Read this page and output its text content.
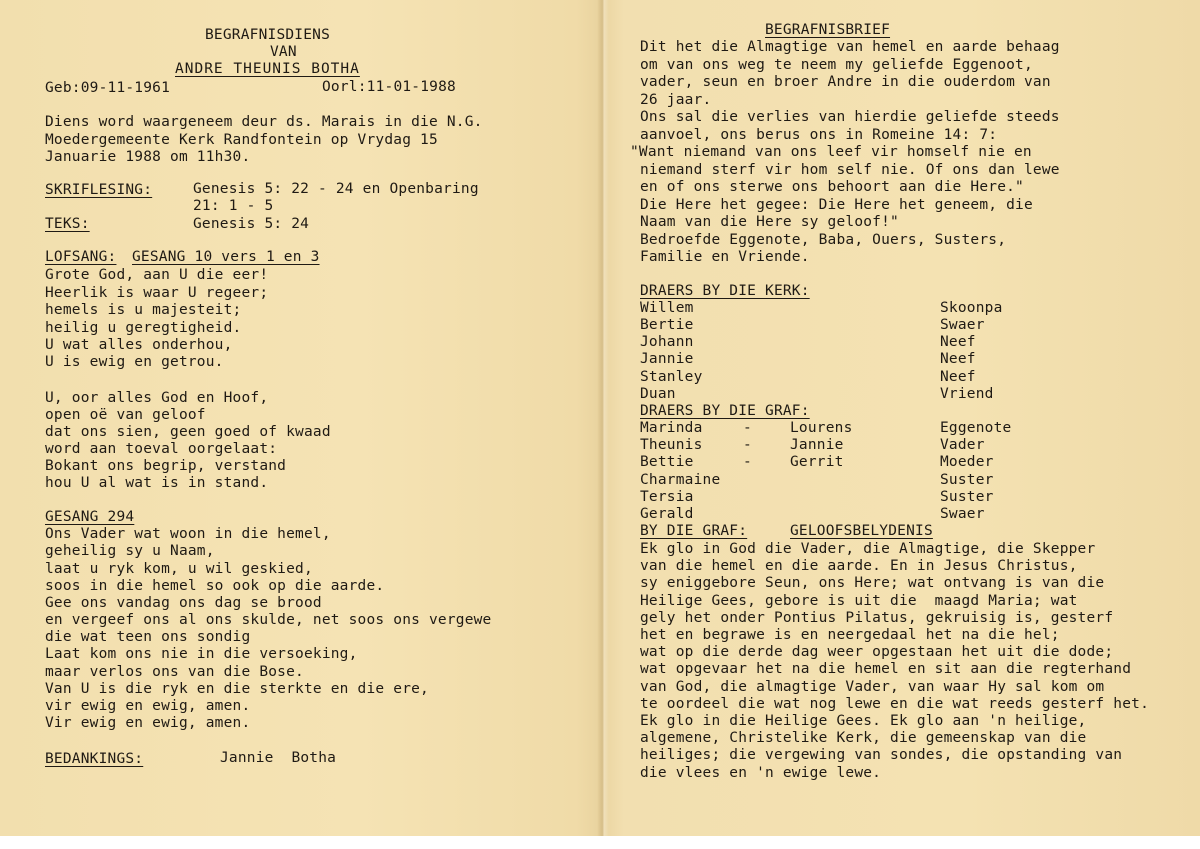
BEGRAFNISDIENS
VAN
ANDRE THEUNIS BOTHA
Geb:09-11-1961	Oorl:11-01-1988
Diens word waargeneem deur ds. Marais in die N.G.
Moedergemeente Kerk Randfontein op Vrydag 15
Januarie 1988 om 11h30.
SKRIFLESING:	Genesis 5: 22 - 24 en Openbaring
21: 1 - 5
TEKS:	Genesis 5: 24
LOFSANG: GESANG 10 vers 1 en 3
Grote God, aan U die eer!
Heerlik is waar U regeer;
hemels is u majesteit;
heilig u geregtigheid.
U wat alles onderhou,
U is ewig en getrou.
U, oor alles God en Hoof,
open oë van geloof
dat ons sien, geen goed of kwaad
word aan toeval oorgelaat:
Bokant ons begrip, verstand
hou U al wat is in stand.
GESANG 294
Ons Vader wat woon in die hemel,
geheilig sy u Naam,
laat u ryk kom, u wil geskied,
soos in die hemel so ook op die aarde.
Gee ons vandag ons dag se brood
en vergeef ons al ons skulde, net soos ons vergewe
die wat teen ons sondig
Laat kom ons nie in die versoeking,
maar verlos ons van die Bose.
Van U is die ryk en die sterkte en die ere,
vir ewig en ewig, amen.
Vir ewig en ewig, amen.
BEDANKINGS:	Jannie  Botha
BEGRAFNISBRIEF
Dit het die Almagtige van hemel en aarde behaag
om van ons weg te neem my geliefde Eggenoot,
vader, seun en broer Andre in die ouderdom van
26 jaar.
Ons sal die verlies van hierdie geliefde steeds
aanvoel, ons berus ons in Romeine 14: 7:
"Want niemand van ons leef vir homself nie en
niemand sterf vir hom self nie. Of ons dan lewe
en of ons sterwe ons behoort aan die Here."
Die Here het gegee: Die Here het geneem, die
Naam van die Here sy geloof!"
Bedroefde Eggenote, Baba, Ouers, Susters,
Familie en Vriende.
DRAERS BY DIE KERK:
Willem	Skoonpa
Bertie	Swaer
Johann	Neef
Jannie	Neef
Stanley	Neef
Duan	Vriend
DRAERS BY DIE GRAF:
Marinda	-	Lourens	Eggenote
Theunis	-	Jannie	Vader
Bettie	-	Gerrit	Moeder
Charmaine	Suster
Tersia	Suster
Gerald	Swaer
BY DIE GRAF:	GELOOFSBELYDENIS
Ek glo in God die Vader, die Almagtige, die Skepper
van die hemel en die aarde. En in Jesus Christus,
sy eniggebore Seun, ons Here; wat ontvang is van die
Heilige Gees, gebore is uit die  maagd Maria; wat
gely het onder Pontius Pilatus, gekruisig is, gesterf
het en begrawe is en neergedaal het na die hel;
wat op die derde dag weer opgestaan het uit die dode;
wat opgevaar het na die hemel en sit aan die regterhand
van God, die almagtige Vader, van waar Hy sal kom om
te oordeel die wat nog lewe en die wat reeds gesterf het.
Ek glo in die Heilige Gees. Ek glo aan 'n heilige,
algemene, Christelike Kerk, die gemeenskap van die
heiliges; die vergewing van sondes, die opstanding van
die vlees en 'n ewige lewe.
